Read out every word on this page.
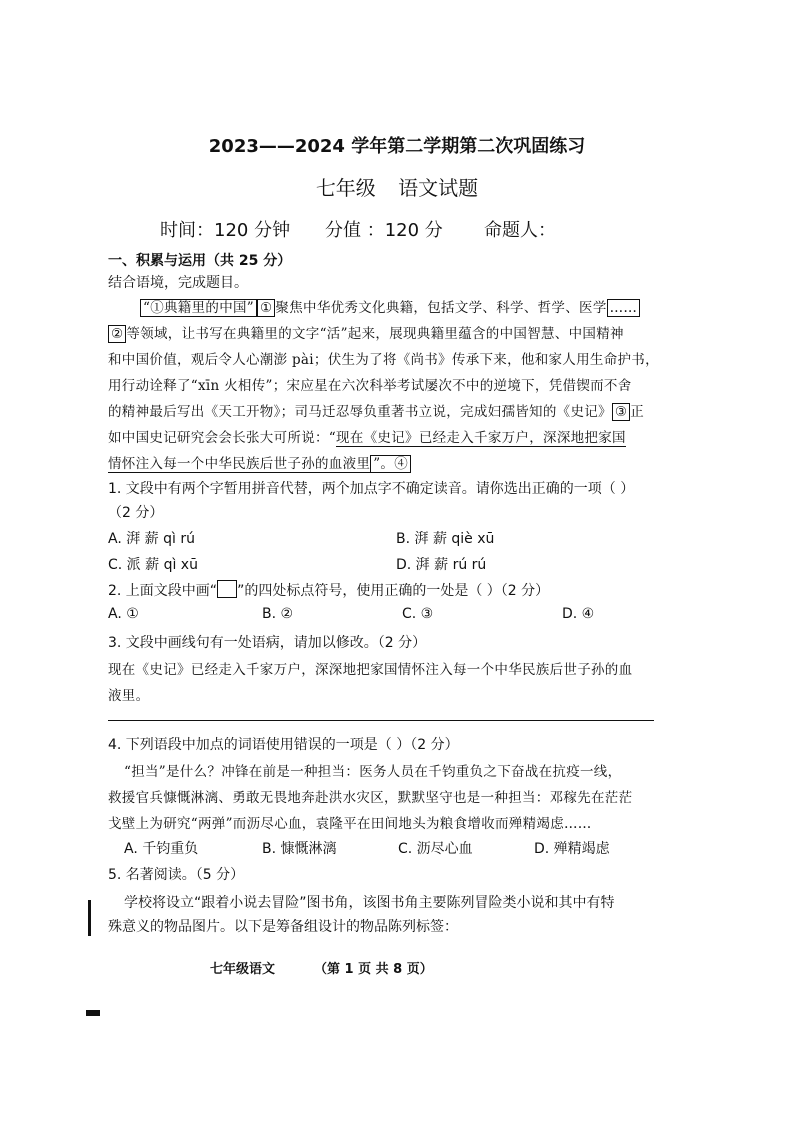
2023——2024 学年第二学期第二次巩固练习
七年级 语文试题
时间：120 分钟 分值 ：120 分 命题人：
一、积累与运用（共 25 分）
结合语境，完成题目。
“①典籍里的中国” ① 聚焦中华优秀文化典籍，包括文学、科学、哲学、医学 ……
② 等领域，让书写在典籍里的文字“活”起来，展现典籍里蕴含的中国智慧、中国精神
和中国价值，观后令人心潮澎 pài；伏生为了将《尚书》传承下来，他和家人用生命护书，
用行动诠释了“xīn 火相传”；宋应星在六次科举考试屡次不中的逆境下，凭借锲而不舍
的精神最后写出《天工开物》；司马迁忍辱负重著书立说，完成妇孺皆知的《史记》 ③ 正
如中国史记研究会会长张大可所说：“现在《史记》已经走入千家万户，深深地把家国
情怀注入每一个中华民族后世子孙的血液里 ”。④
1. 文段中有两个字暂用拼音代替，两个加点字不确定读音。请你选出正确的一项（ ）
（2 分）
A. 湃 薪 qì rú	B. 湃 薪 qiè xū
C. 派 薪 qì xū	D. 湃 薪 rú rú
2. 上面文段中画“ ”的四处标点符号，使用正确的一处是（ ）（2 分）
A. ①	B. ②	C. ③	D. ④
3. 文段中画线句有一处语病，请加以修改。（2 分）
现在《史记》已经走入千家万户，深深地把家国情怀注入每一个中华民族后世子孙的血
液里。
4. 下列语段中加点的词语使用错误的一项是（ ）（2 分）
“担当”是什么？冲锋在前是一种担当：医务人员在千钧重负之下奋战在抗疫一线，
救援官兵慷慨淋漓、勇敢无畏地奔赴洪水灾区，默默坚守也是一种担当：邓稼先在茫茫
戈壁上为研究“两弹”而沥尽心血，袁隆平在田间地头为粮食增收而殚精竭虑……
A. 千钧重负	B. 慷慨淋漓	C. 沥尽心血	D. 殚精竭虑
5. 名著阅读。（5 分）
学校将设立“跟着小说去冒险”图书角，该图书角主要陈列冒险类小说和其中有特
殊意义的物品图片。以下是筹备组设计的物品陈列标签：
七年级语文	（第 1 页 共 8 页）
